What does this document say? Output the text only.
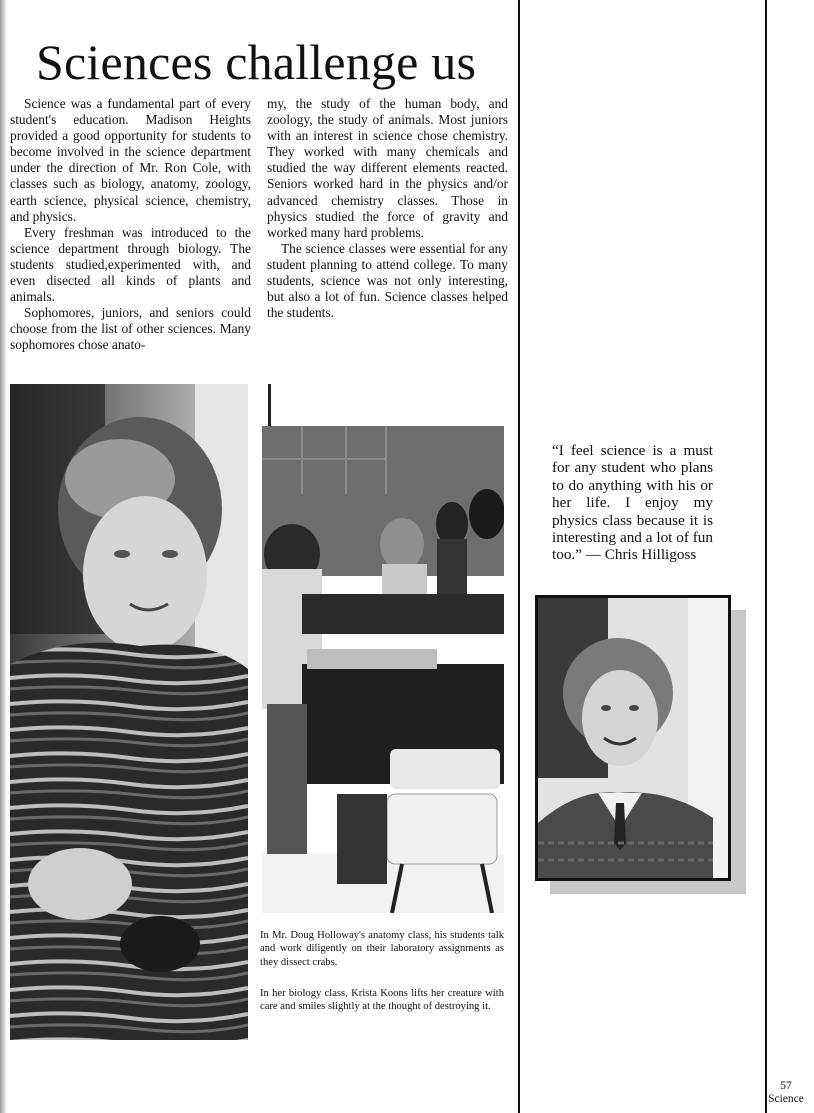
Sciences challenge us

Science was a fundamental part of every student's education. Madison Heights provided a good opportunity for students to become involved in the science department under the direction of Mr. Ron Cole, with classes such as biology, anatomy, zoology, earth science, physical science, chemistry, and physics.

Every freshman was introduced to the science department through biology. The students studied,experimented with, and even disected all kinds of plants and animals.

Sophomores, juniors, and seniors could choose from the list of other sciences. Many sophomores chose anato-

my, the study of the human body, and zoology, the study of animals. Most juniors with an interest in science chose chemistry. They worked with many chemicals and studied the way different elements reacted. Seniors worked hard in the physics and/or advanced chemistry classes. Those in physics studied the force of gravity and worked many hard problems.

The science classes were essential for any student planning to attend college. To many students, science was not only interesting, but also a lot of fun. Science classes helped the students.

“I feel science is a must for any student who plans to do anything with his or her life. I enjoy my physics class because it is interesting and a lot of fun too.” — Chris Hilligoss
In Mr. Doug Holloway's anatomy class, his students talk and work diligently on their laboratory assignments as they dissect crabs.
In her biology class, Krista Koons lifts her creature with care and smiles slightly at the thought of destroying it.
57
Science
